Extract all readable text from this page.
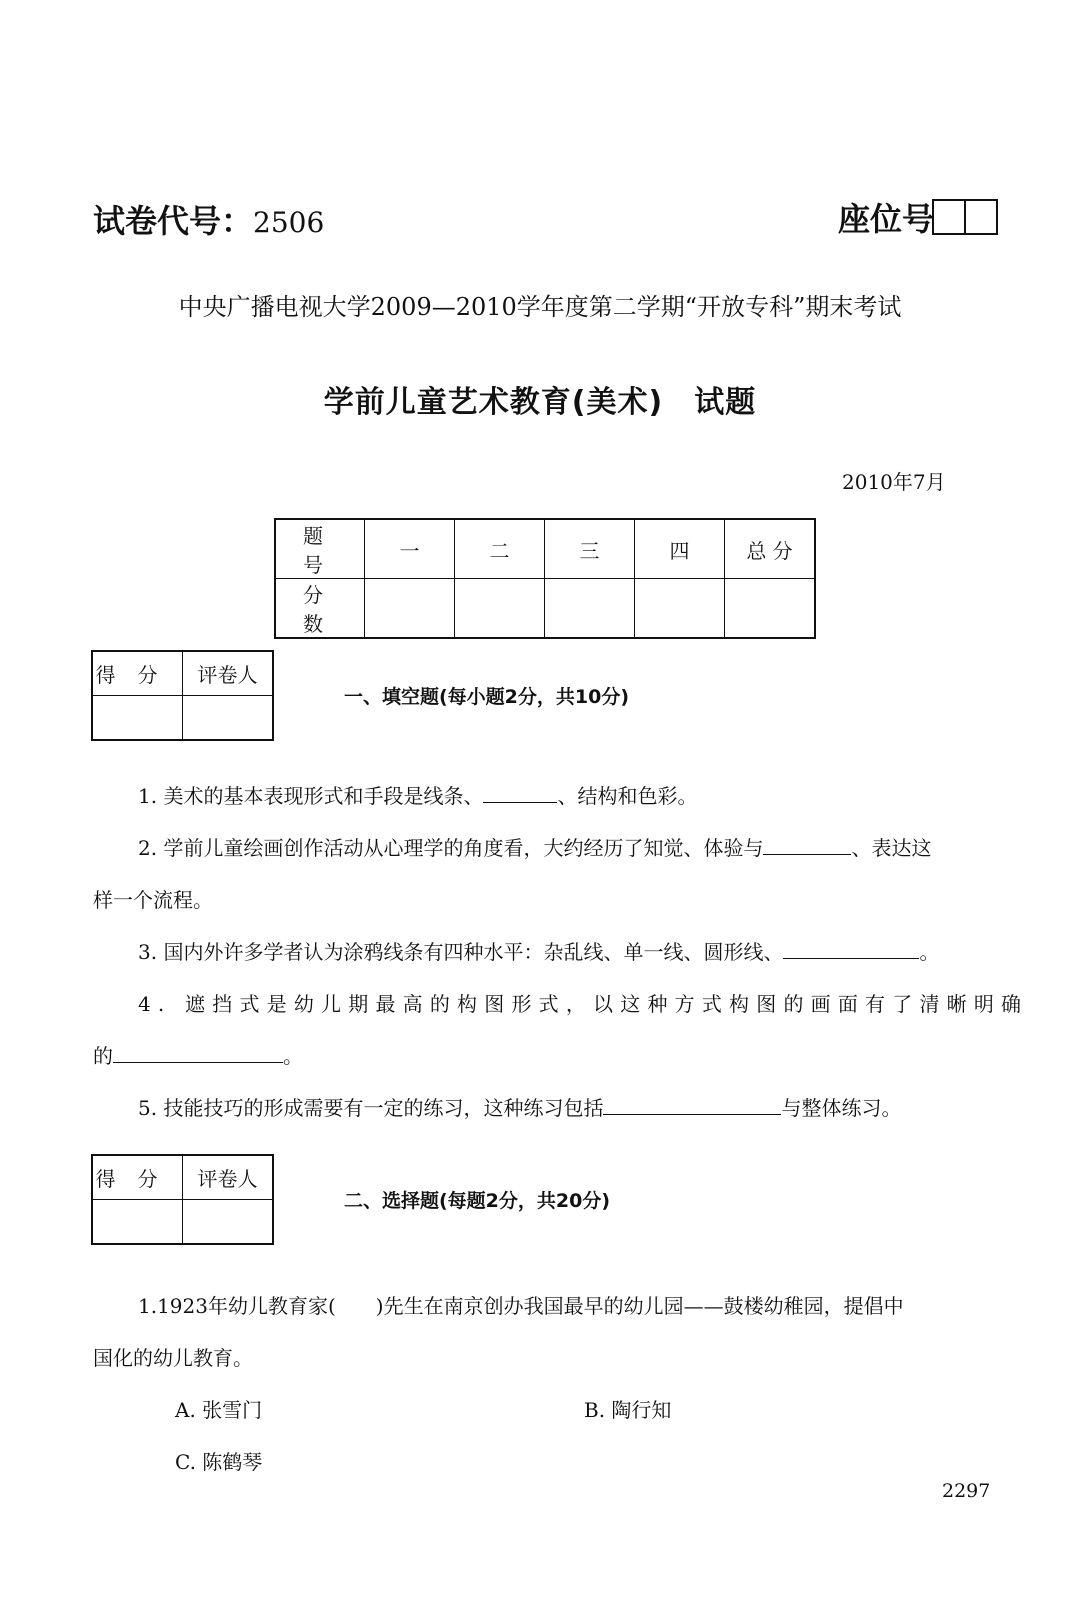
试卷代号：2506	座位号
中央广播电视大学2009—2010学年度第二学期“开放专科”期末考试
学前儿童艺术教育(美术)　试题
2010年7月
题 号	一	二	三	四	总 分
分 数					
得分	评卷人

一、填空题(每小题2分，共10分)
1. 美术的基本表现形式和手段是线条、	、结构和色彩。
2. 学前儿童绘画创作活动从心理学的角度看，大约经历了知觉、体验与	、表达这
样一个流程。
3. 国内外许多学者认为涂鸦线条有四种水平：杂乱线、单一线、圆形线、	。
4. 遮挡式是幼儿期最高的构图形式，以这种方式构图的画面有了清晰明确
的	。
5. 技能技巧的形成需要有一定的练习，这种练习包括	与整体练习。
得分	评卷人

二、选择题(每题2分，共20分)
1.1923年幼儿教育家(　　)先生在南京创办我国最早的幼儿园——鼓楼幼稚园，提倡中
国化的幼儿教育。
A. 张雪门	B. 陶行知
C. 陈鹤琴
2297
